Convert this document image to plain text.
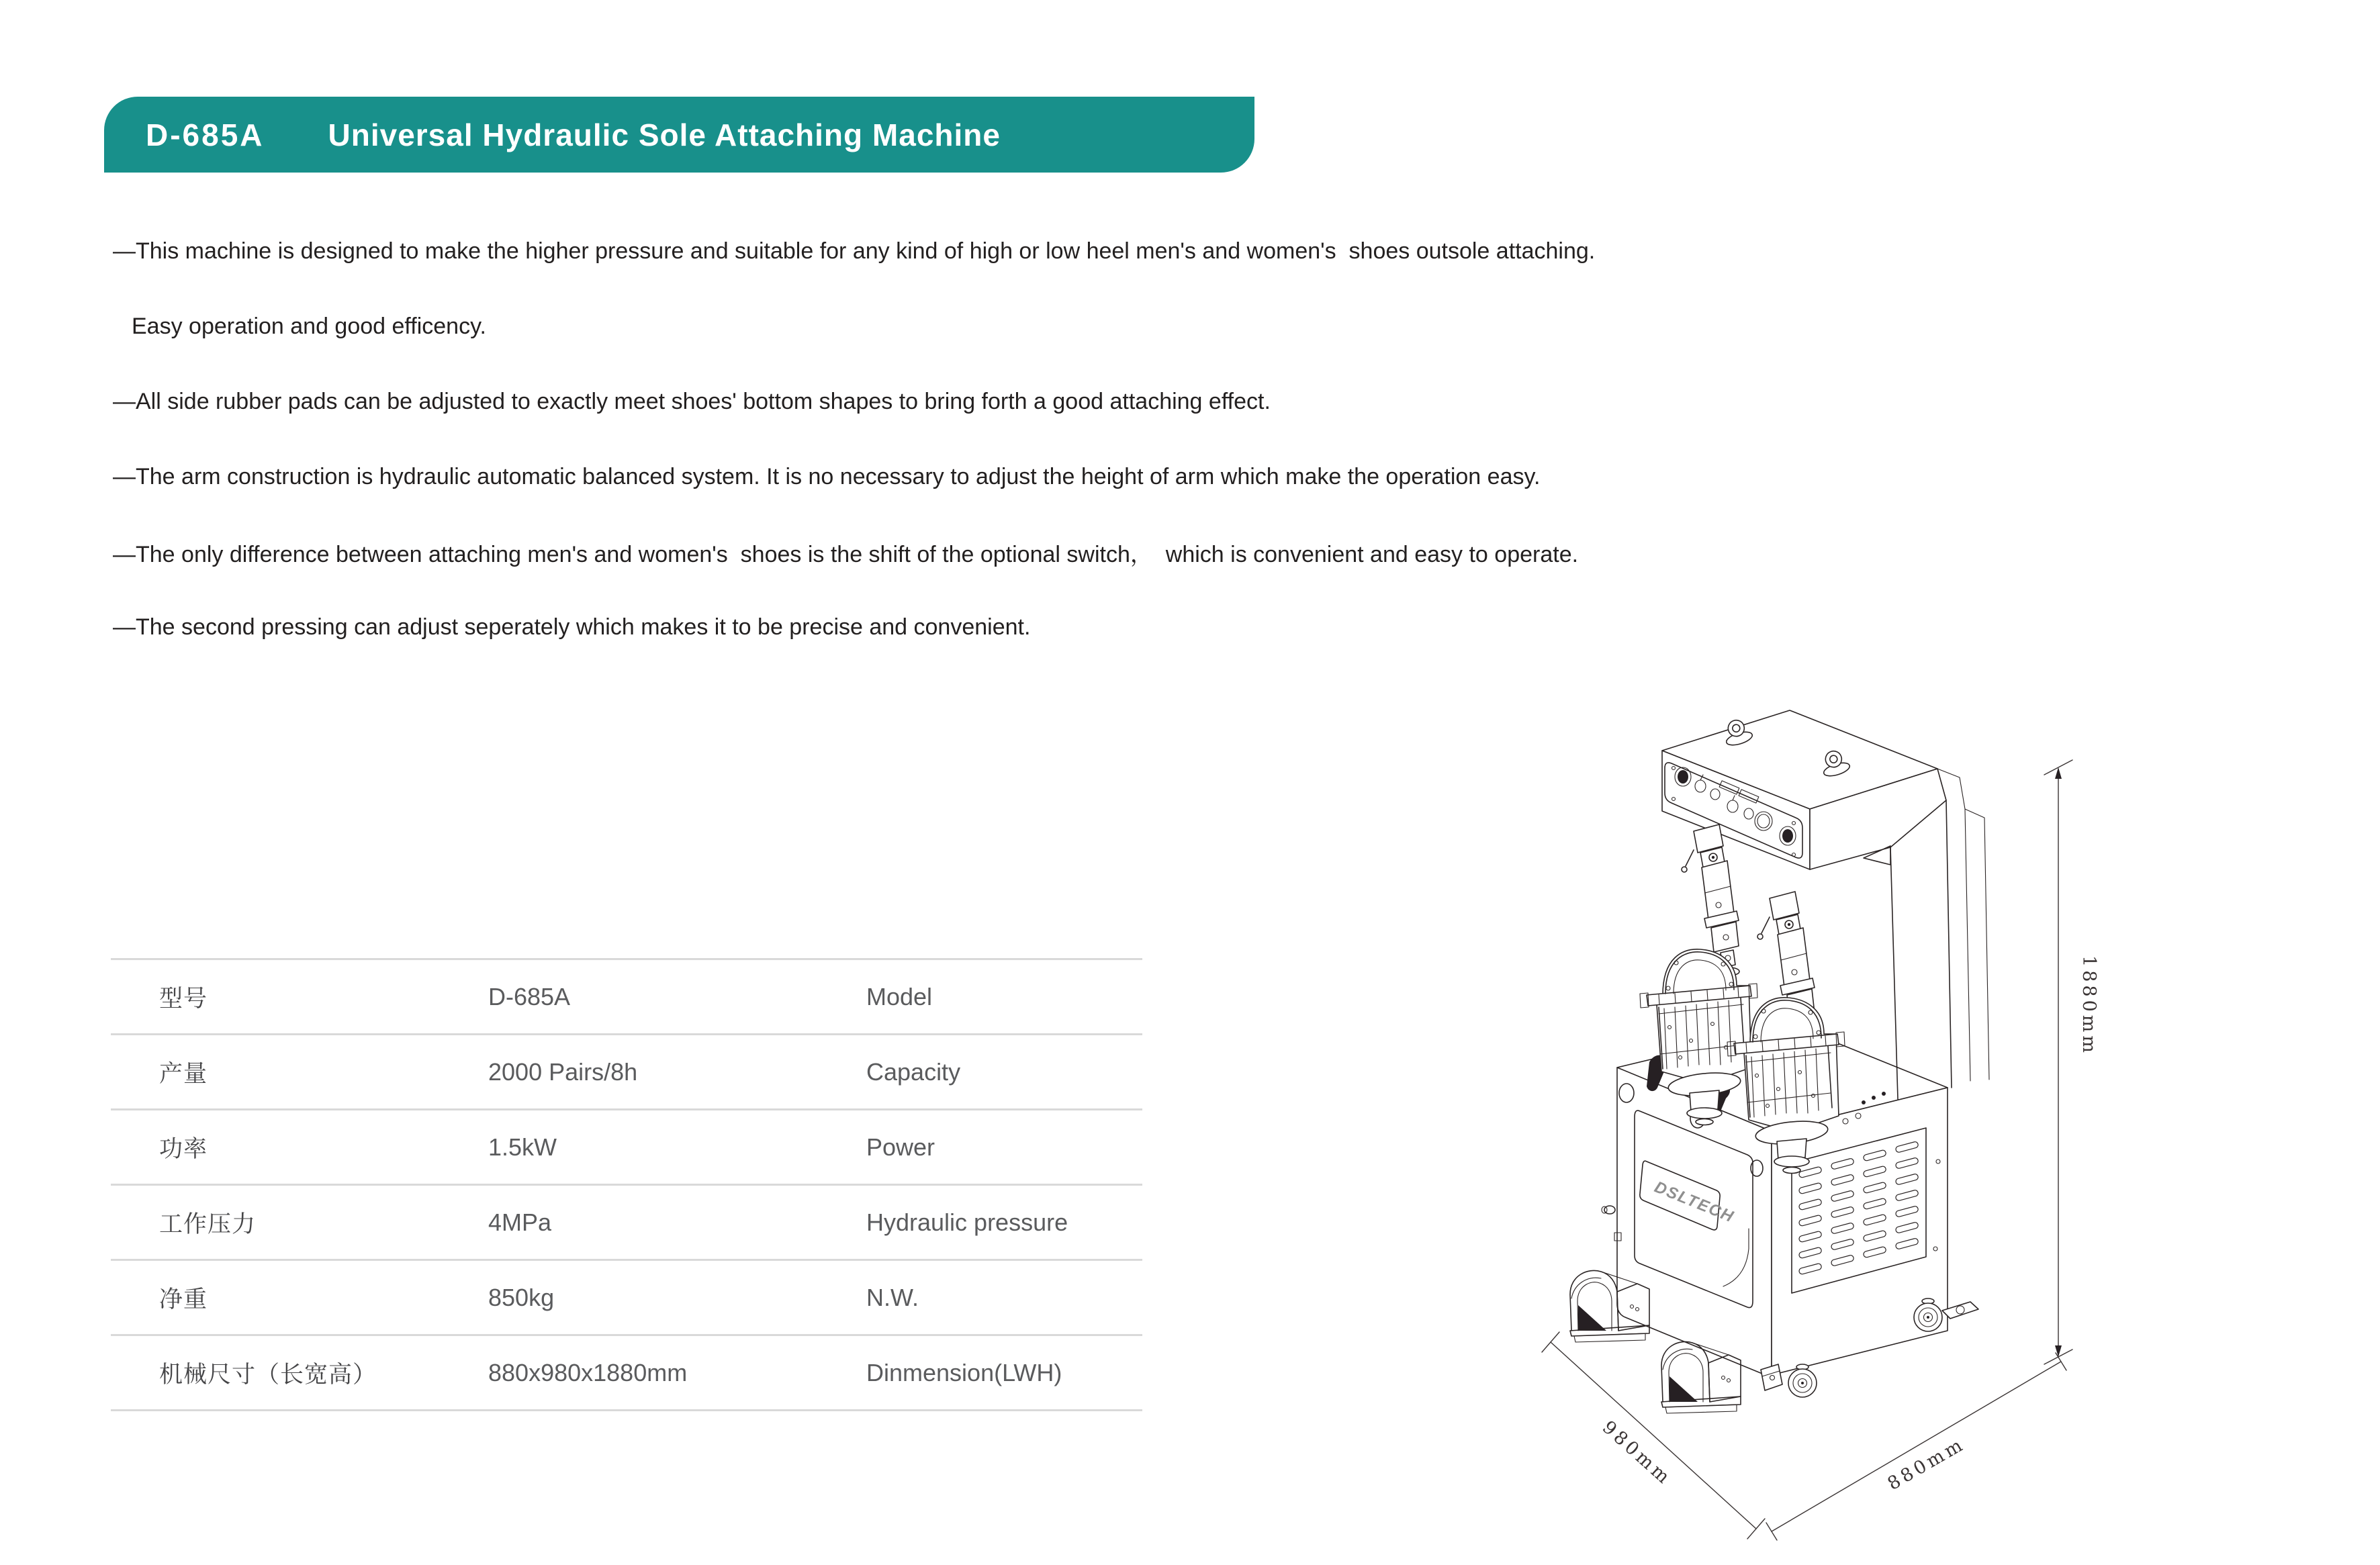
D-685A Universal Hydraulic Sole Attaching Machine

—This machine is designed to make the higher pressure and suitable for any kind of high or low heel men's and women's  shoes outsole attaching.

Easy operation and good efficency.

—All side rubber pads can be adjusted to exactly meet shoes' bottom shapes to bring forth a good attaching effect.

—The arm construction is hydraulic automatic balanced system. It is no necessary to adjust the height of arm which make the operation easy.

—The only difference between attaching men's and women's  shoes is the shift of the optional switch，  which is convenient and easy to operate.

—The second pressing can adjust seperately which makes it to be precise and convenient.

型号	D-685A	Model
产量	2000 Pairs/8h	Capacity
功率	1.5kW	Power
工作压力	4MPa	Hydraulic pressure
净重	850kg	N.W.
机械尺寸（长宽高）	880x980x1880mm	Dinmension(LWH)
DSLTECH
1880mm
980mm	880mm
